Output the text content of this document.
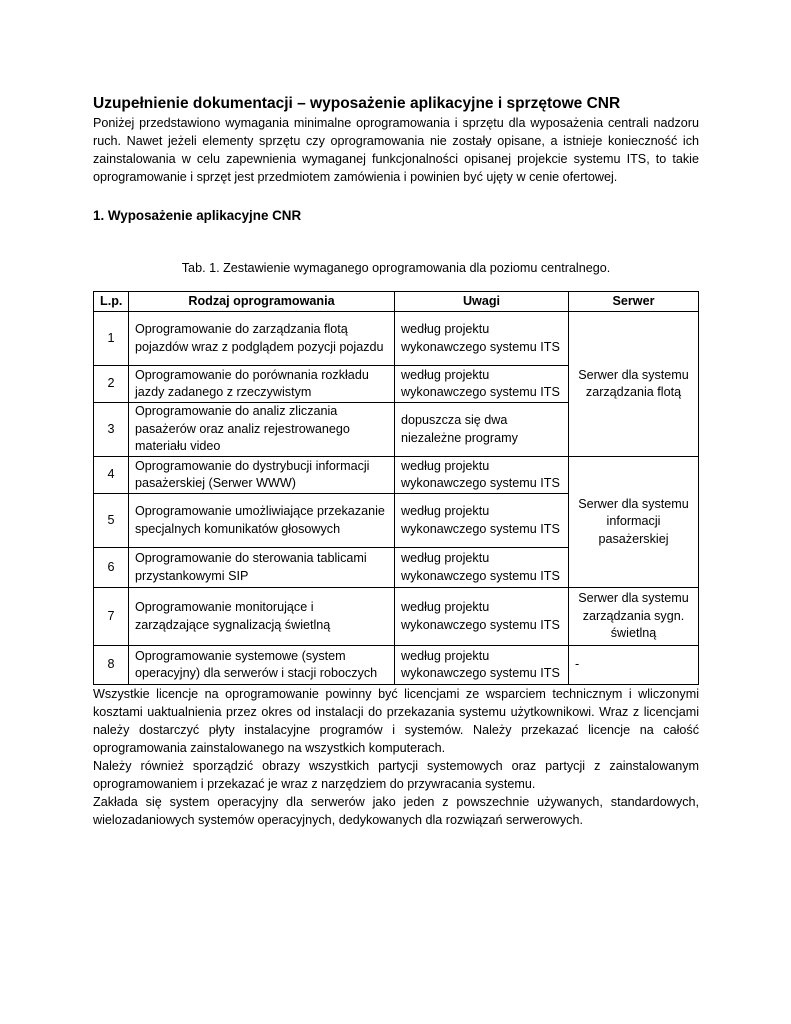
Uzupełnienie dokumentacji – wyposażenie aplikacyjne i sprzętowe CNR

Poniżej przedstawiono wymagania minimalne oprogramowania i sprzętu dla wyposażenia centrali nadzoru ruch. Nawet jeżeli elementy sprzętu czy oprogramowania nie zostały opisane, a istnieje konieczność ich zainstalowania w celu zapewnienia wymaganej funkcjonalności opisanej projekcie systemu ITS, to takie oprogramowanie i sprzęt jest przedmiotem zamówienia i powinien być ujęty w cenie ofertowej.

1. Wyposażenie aplikacyjne CNR
Tab. 1. Zestawienie wymaganego oprogramowania dla poziomu centralnego.
L.p.	Rodzaj oprogramowania	Uwagi	Serwer
1	Oprogramowanie do zarządzania flotą pojazdów wraz z podglądem pozycji pojazdu	według projektu wykonawczego systemu ITS	Serwer dla systemu zarządzania flotą
2	Oprogramowanie do porównania rozkładu jazdy zadanego z rzeczywistym	według projektu wykonawczego systemu ITS	
3	Oprogramowanie do analiz zliczania pasażerów oraz analiz rejestrowanego materiału video	dopuszcza się dwa niezależne programy	
4	Oprogramowanie do dystrybucji informacji pasażerskiej (Serwer WWW)	według projektu wykonawczego systemu ITS	Serwer dla systemu informacji pasażerskiej
5	Oprogramowanie umożliwiające przekazanie specjalnych komunikatów głosowych	według projektu wykonawczego systemu ITS	
6	Oprogramowanie do sterowania tablicami przystankowymi SIP	według projektu wykonawczego systemu ITS	
7	Oprogramowanie monitorujące i zarządzające sygnalizacją świetlną	według projektu wykonawczego systemu ITS	Serwer dla systemu zarządzania sygn. świetlną
8	Oprogramowanie systemowe (system operacyjny) dla serwerów i stacji roboczych	według projektu wykonawczego systemu ITS	-

Wszystkie licencje na oprogramowanie powinny być licencjami ze wsparciem technicznym i wliczonymi kosztami uaktualnienia przez okres od instalacji do przekazania systemu użytkownikowi. Wraz z licencjami należy dostarczyć płyty instalacyjne programów i systemów. Należy przekazać licencje na całość oprogramowania zainstalowanego na wszystkich komputerach.

Należy również sporządzić obrazy wszystkich partycji systemowych oraz partycji z zainstalowanym oprogramowaniem i przekazać je wraz z narzędziem do przywracania systemu.

Zakłada się system operacyjny dla serwerów jako jeden z powszechnie używanych, standardowych, wielozadaniowych systemów operacyjnych, dedykowanych dla rozwiązań serwerowych.
